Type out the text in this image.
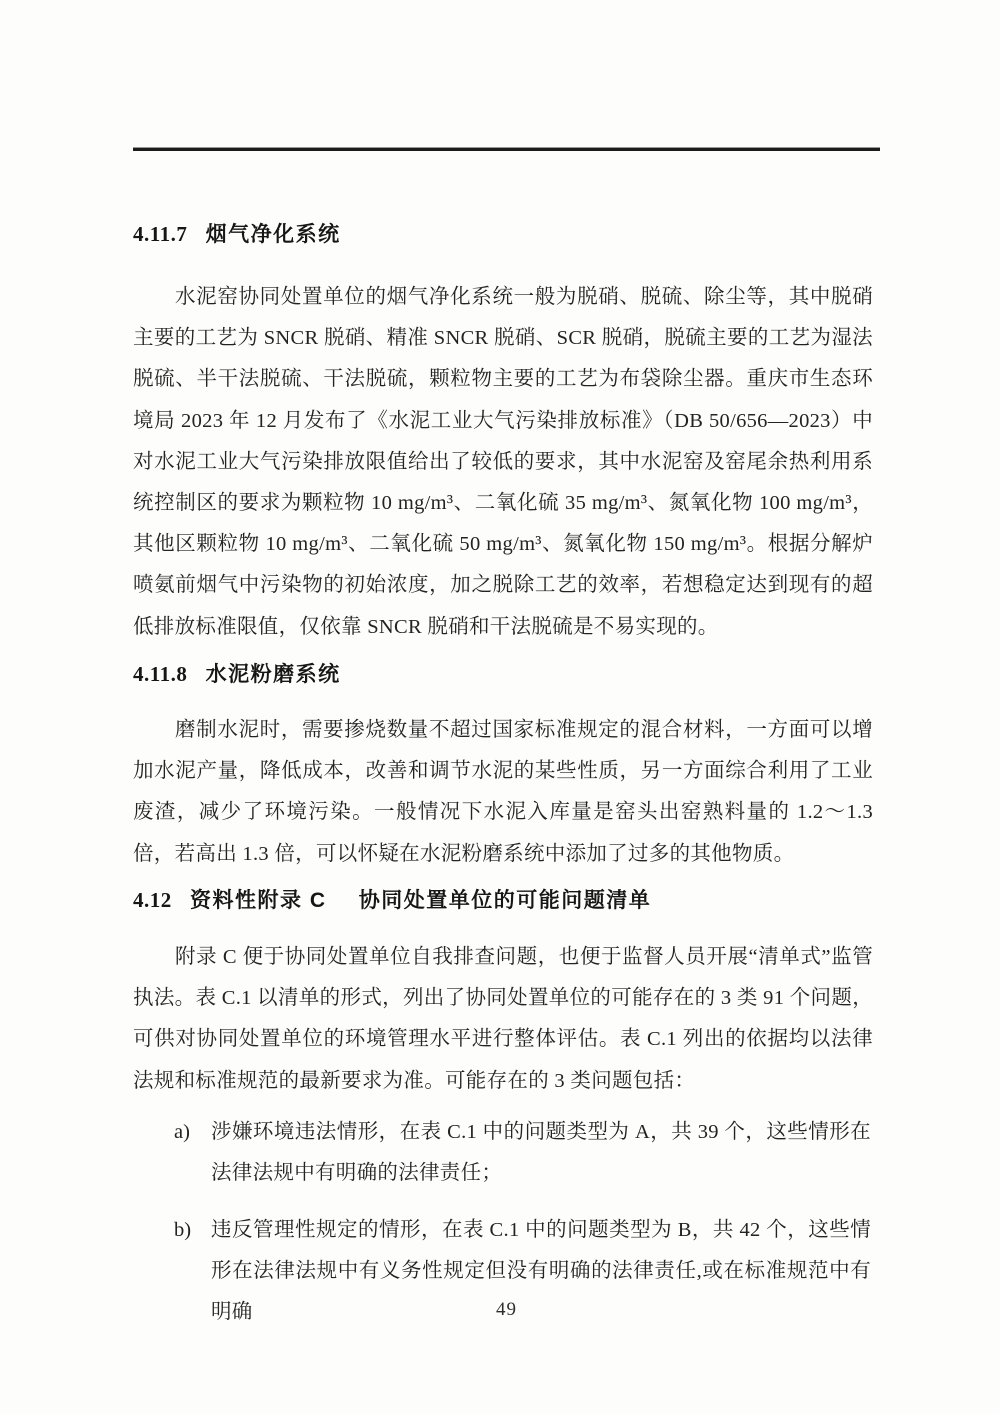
4.11.7 烟气净化系统

水泥窑协同处置单位的烟气净化系统一般为脱硝、脱硫、除尘等，其中脱硝主要的工艺为 SNCR 脱硝、精准 SNCR 脱硝、SCR 脱硝，脱硫主要的工艺为湿法脱硫、半干法脱硫、干法脱硫，颗粒物主要的工艺为布袋除尘器。重庆市生态环境局 2023 年 12 月发布了《水泥工业大气污染排放标准》（DB 50/656—2023）中对水泥工业大气污染排放限值给出了较低的要求，其中水泥窑及窑尾余热利用系统控制区的要求为颗粒物 10 mg/m³、二氧化硫 35 mg/m³、氮氧化物 100 mg/m³，其他区颗粒物 10 mg/m³、二氧化硫 50 mg/m³、氮氧化物 150 mg/m³。根据分解炉喷氨前烟气中污染物的初始浓度，加之脱除工艺的效率，若想稳定达到现有的超低排放标准限值，仅依靠 SNCR 脱硝和干法脱硫是不易实现的。

4.11.8 水泥粉磨系统

磨制水泥时，需要掺烧数量不超过国家标准规定的混合材料，一方面可以增加水泥产量，降低成本，改善和调节水泥的某些性质，另一方面综合利用了工业废渣，减少了环境污染。一般情况下水泥入库量是窑头出窑熟料量的 1.2～1.3 倍，若高出 1.3 倍，可以怀疑在水泥粉磨系统中添加了过多的其他物质。

4.12 资料性附录 C 协同处置单位的可能问题清单

附录 C 便于协同处置单位自我排查问题，也便于监督人员开展“清单式”监管执法。表 C.1 以清单的形式，列出了协同处置单位的可能存在的 3 类 91 个问题，可供对协同处置单位的环境管理水平进行整体评估。表 C.1 列出的依据均以法律法规和标准规范的最新要求为准。可能存在的 3 类问题包括：

a)	涉嫌环境违法情形，在表 C.1 中的问题类型为 A，共 39 个，这些情形在法律法规中有明确的法律责任；
b) 违反管理性规定的情形，在表 C.1 中的问题类型为 B，共 42 个，这些情形在法律法规中有义务性规定但没有明确的法律责任,或在标准规范中有明确	49
